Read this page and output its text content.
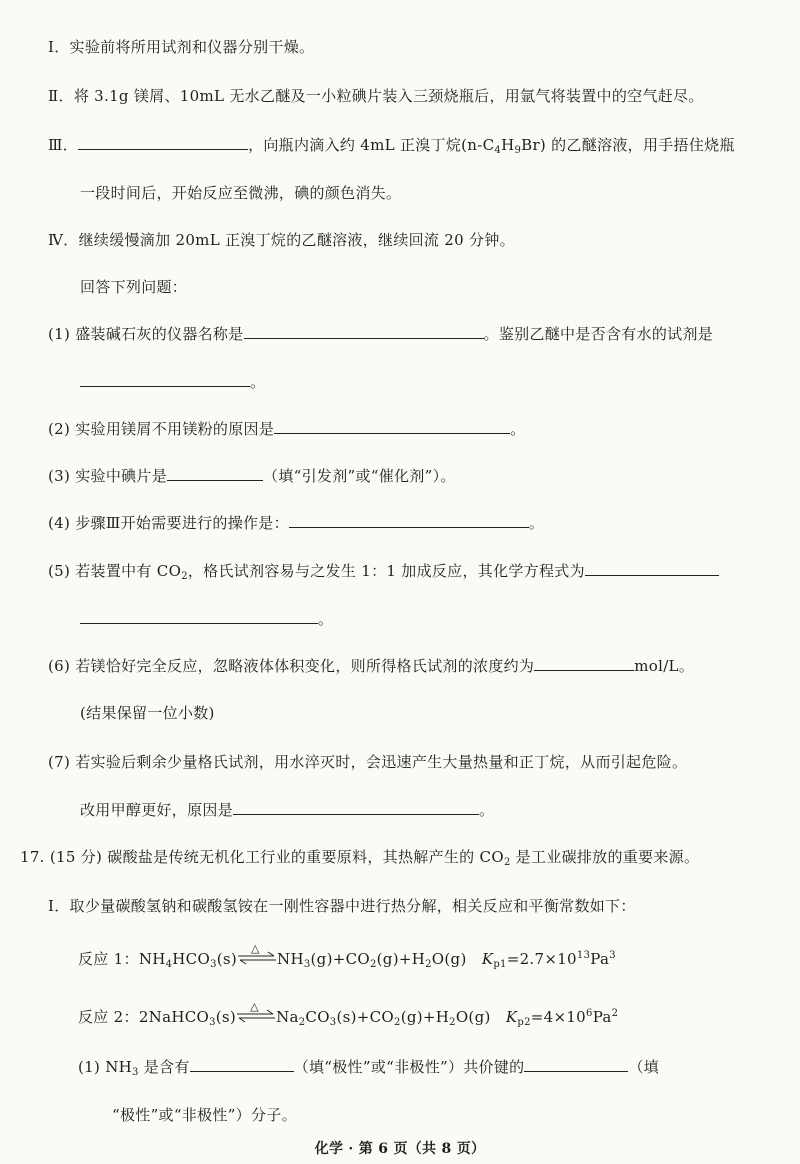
Ⅰ．实验前将所用试剂和仪器分别干燥。
Ⅱ．将 3.1g 镁屑、10mL 无水乙醚及一小粒碘片装入三颈烧瓶后，用氩气将装置中的空气赶尽。
Ⅲ．	，向瓶内滴入约 4mL 正溴丁烷$(n-C_4H_9Br)$ 的乙醚溶液，用手捂住烧瓶
一段时间后，开始反应至微沸，碘的颜色消失。
Ⅳ．继续缓慢滴加 20mL 正溴丁烷的乙醚溶液，继续回流 20 分钟。
回答下列问题：
(1) 盛装碱石灰的仪器名称是	。鉴别乙醚中是否含有水的试剂是
。
(2) 实验用镁屑不用镁粉的原因是	。
(3) 实验中碘片是	（填“引发剂”或“催化剂”）。
(4) 步骤Ⅲ开始需要进行的操作是：	。
(5) 若装置中有 $CO_2$，格氏试剂容易与之发生 1：1 加成反应，其化学方程式为
。
(6) 若镁恰好完全反应，忽略液体体积变化，则所得格氏试剂的浓度约为	mol/L。
(结果保留一位小数)
(7) 若实验后剩余少量格氏试剂，用水淬灭时，会迅速产生大量热量和正丁烷，从而引起危险。
改用甲醇更好，原因是	。
17. (15 分) 碳酸盐是传统无机化工行业的重要原料，其热解产生的 $CO_2$ 是工业碳排放的重要来源。
Ⅰ．取少量碳酸氢钠和碳酸氢铵在一刚性容器中进行热分解，相关反应和平衡常数如下：
反应 1：$NH_4HCO_3(s)$
△
$NH_3(g)+CO_2(g)+H_2O(g)$ $K_{p1}=2.7\times 10^{13}Pa^3$
反应 2：2NaHCO$_3$(s)
△
$Na_2CO_3(s)+CO_2(g)+H_2O(g)$ $K_{p2}=4\times 10^6Pa^2$
(1) $NH_3$ 是含有	（填“极性”或“非极性”）共价键的	（填
“极性”或“非极性”）分子。
化学 · 第 6 页（共 8 页）
